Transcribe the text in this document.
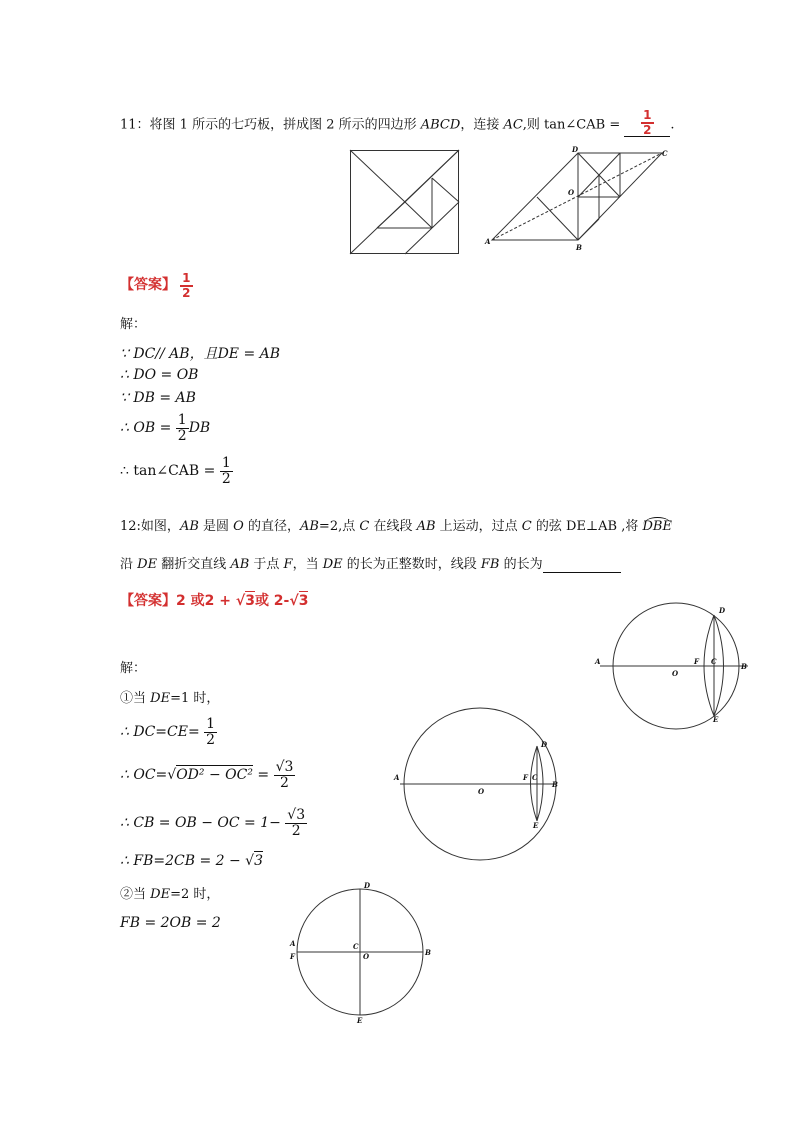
11：将图 1 所示的七巧板，拼成图 2 所示的四边形 ABCD，连接 AC,则 tan∠CAB = $\frac{1}{2}$ .
D	C
O
A
B
【答案】 $\frac{1}{2}$
解：
∵ DC// AB，且DE = AB
∴ DO = OB
∵ DB = AB
∴ OB = $\frac{1}{2}$ DB
∴ tan∠CAB = $\frac{1}{2}$
12:如图，AB 是圆 O 的直径，AB=2,点 C 在线段 AB 上运动，过点 C 的弦 DE⊥AB ,将 DBE
沿 DE 翻折交直线 AB 于点 F，当 DE 的长为正整数时，线段 FB 的长为
【答案】2 或2 + √3或 2-√3
解：
①当 DE=1 时，
∴ $DC=CE= \frac{1}{2}$
∴ $OC=√OD^2 - OC^2 = \frac{√3}{2}$
∴ CB = OB − OC = $1- \frac{√3}{2}$
∴ FB=2CB = 2 − √3
②当 DE=2 时，
FB = 2OB = 2
A
O
F C
B
D
E
A
O
F C
B
D
E
A
F
C
O	B
D
E
